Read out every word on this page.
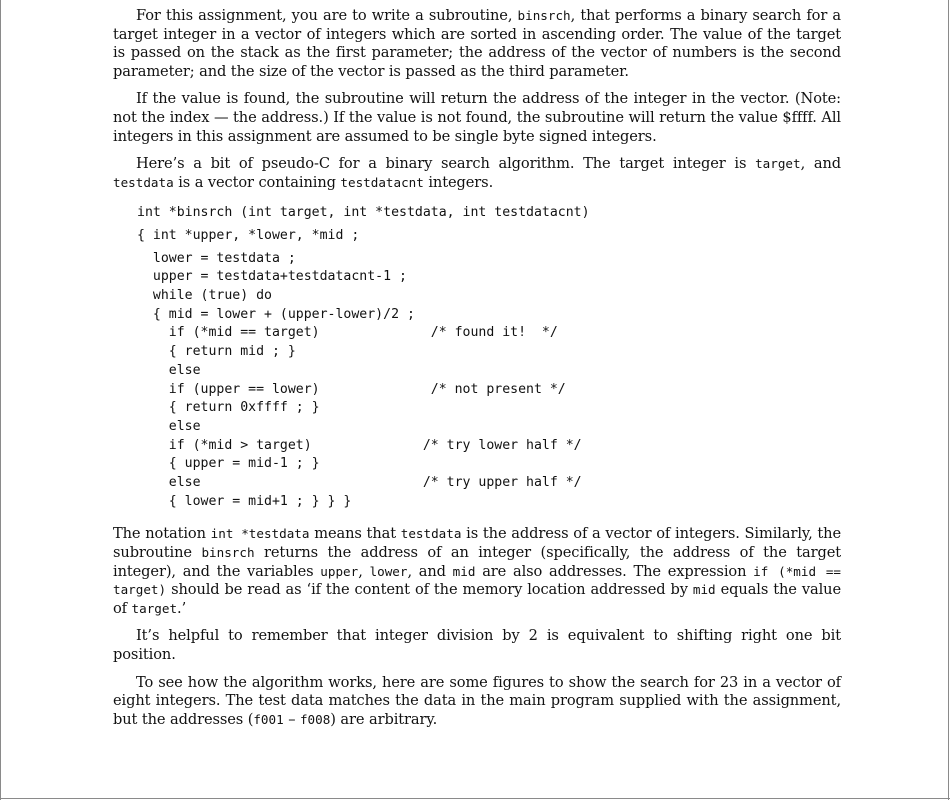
For this assignment, you are to write a subroutine, binsrch, that performs a binary search for a target integer in a vector of integers which are sorted in ascending order. The value of the target is passed on the stack as the first parameter; the address of the vector of numbers is the second parameter; and the size of the vector is passed as the third parameter.

If the value is found, the subroutine will return the address of the integer in the vector. (Note: not the index — the address.) If the value is not found, the subroutine will return the value $ffff. All integers in this assignment are assumed to be single byte signed integers.

Here’s a bit of pseudo-C for a binary search algorithm. The target integer is target, and testdata is a vector containing testdatacnt integers.

int *binsrch (int target, int *testdata, int testdatacnt)
{ int *upper, *lower, *mid ;
lower = testdata ;
upper = testdata+testdatacnt-1 ;
while (true) do
{ mid = lower + (upper-lower)/2 ;
if (*mid == target)              /* found it!  */
{ return mid ; }
else
if (upper == lower)              /* not present */
{ return 0xffff ; }
else
if (*mid > target)              /* try lower half */
{ upper = mid-1 ; }
else                            /* try upper half */
{ lower = mid+1 ; } } }

The notation int *testdata means that testdata is the address of a vector of integers. Similarly, the subroutine binsrch returns the address of an integer (specifically, the address of the target integer), and the variables upper, lower, and mid are also addresses. The expression if (*mid == target) should be read as ‘if the content of the memory location addressed by mid equals the value of target.’

It’s helpful to remember that integer division by 2 is equivalent to shifting right one bit position.

To see how the algorithm works, here are some figures to show the search for 23 in a vector of eight integers. The test data matches the data in the main program supplied with the assignment, but the addresses (f001 – f008) are arbitrary.
